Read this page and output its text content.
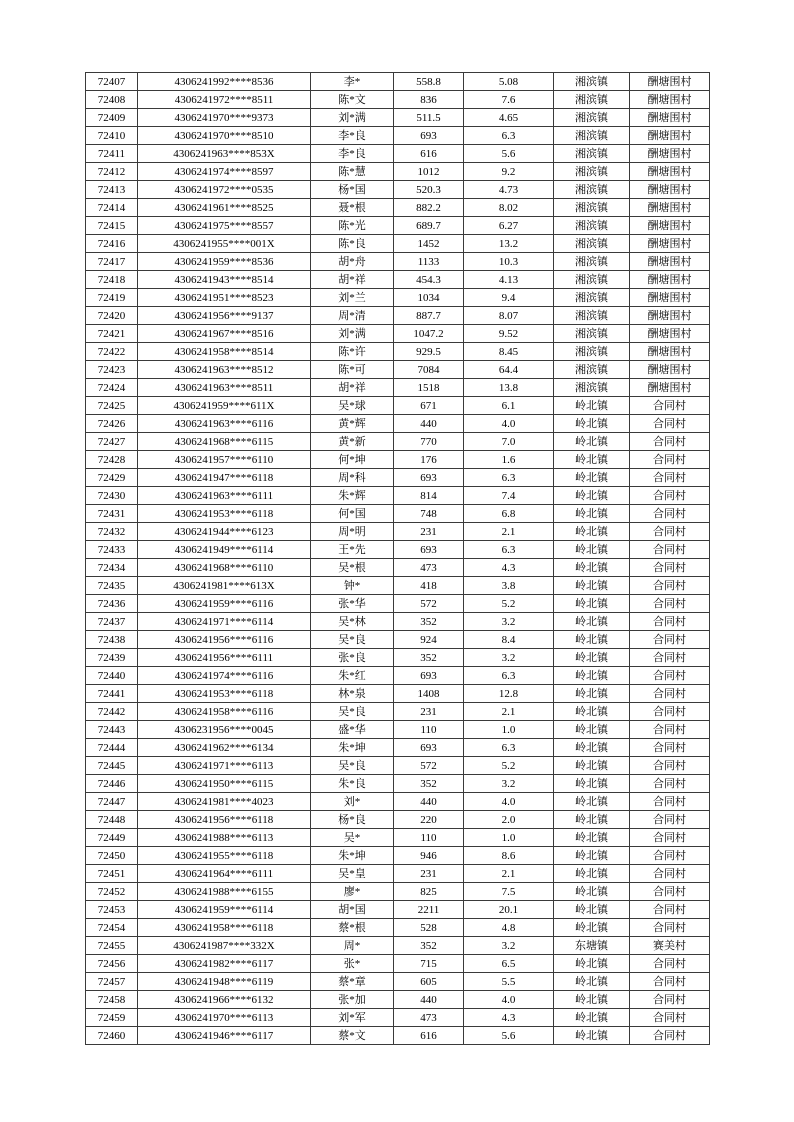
72407	4306241992****8536	李*	558.8	5.08	湘滨镇	酬塘围村
72408	4306241972****8511	陈*文	836	7.6	湘滨镇	酬塘围村
72409	4306241970****9373	刘*满	511.5	4.65	湘滨镇	酬塘围村
72410	4306241970****8510	李*良	693	6.3	湘滨镇	酬塘围村
72411	4306241963****853X	李*良	616	5.6	湘滨镇	酬塘围村
72412	4306241974****8597	陈*慧	1012	9.2	湘滨镇	酬塘围村
72413	4306241972****0535	杨*国	520.3	4.73	湘滨镇	酬塘围村
72414	4306241961****8525	聂*根	882.2	8.02	湘滨镇	酬塘围村
72415	4306241975****8557	陈*光	689.7	6.27	湘滨镇	酬塘围村
72416	4306241955****001X	陈*良	1452	13.2	湘滨镇	酬塘围村
72417	4306241959****8536	胡*舟	1133	10.3	湘滨镇	酬塘围村
72418	4306241943****8514	胡*祥	454.3	4.13	湘滨镇	酬塘围村
72419	4306241951****8523	刘*兰	1034	9.4	湘滨镇	酬塘围村
72420	4306241956****9137	周*清	887.7	8.07	湘滨镇	酬塘围村
72421	4306241967****8516	刘*满	1047.2	9.52	湘滨镇	酬塘围村
72422	4306241958****8514	陈*许	929.5	8.45	湘滨镇	酬塘围村
72423	4306241963****8512	陈*可	7084	64.4	湘滨镇	酬塘围村
72424	4306241963****8511	胡*祥	1518	13.8	湘滨镇	酬塘围村
72425	4306241959****611X	吴*球	671	6.1	岭北镇	合同村
72426	4306241963****6116	黄*辉	440	4.0	岭北镇	合同村
72427	4306241968****6115	黄*新	770	7.0	岭北镇	合同村
72428	4306241957****6110	何*坤	176	1.6	岭北镇	合同村
72429	4306241947****6118	周*科	693	6.3	岭北镇	合同村
72430	4306241963****6111	朱*辉	814	7.4	岭北镇	合同村
72431	4306241953****6118	何*国	748	6.8	岭北镇	合同村
72432	4306241944****6123	周*明	231	2.1	岭北镇	合同村
72433	4306241949****6114	王*先	693	6.3	岭北镇	合同村
72434	4306241968****6110	吴*根	473	4.3	岭北镇	合同村
72435	4306241981****613X	钟*	418	3.8	岭北镇	合同村
72436	4306241959****6116	张*华	572	5.2	岭北镇	合同村
72437	4306241971****6114	吴*林	352	3.2	岭北镇	合同村
72438	4306241956****6116	吴*良	924	8.4	岭北镇	合同村
72439	4306241956****6111	张*良	352	3.2	岭北镇	合同村
72440	4306241974****6116	朱*红	693	6.3	岭北镇	合同村
72441	4306241953****6118	林*泉	1408	12.8	岭北镇	合同村
72442	4306241958****6116	吴*良	231	2.1	岭北镇	合同村
72443	4306231956****0045	盛*华	110	1.0	岭北镇	合同村
72444	4306241962****6134	朱*坤	693	6.3	岭北镇	合同村
72445	4306241971****6113	吴*良	572	5.2	岭北镇	合同村
72446	4306241950****6115	朱*良	352	3.2	岭北镇	合同村
72447	4306241981****4023	刘*	440	4.0	岭北镇	合同村
72448	4306241956****6118	杨*良	220	2.0	岭北镇	合同村
72449	4306241988****6113	吴*	110	1.0	岭北镇	合同村
72450	4306241955****6118	朱*坤	946	8.6	岭北镇	合同村
72451	4306241964****6111	吴*皇	231	2.1	岭北镇	合同村
72452	4306241988****6155	廖*	825	7.5	岭北镇	合同村
72453	4306241959****6114	胡*国	2211	20.1	岭北镇	合同村
72454	4306241958****6118	蔡*根	528	4.8	岭北镇	合同村
72455	4306241987****332X	周*	352	3.2	东塘镇	赛美村
72456	4306241982****6117	张*	715	6.5	岭北镇	合同村
72457	4306241948****6119	蔡*章	605	5.5	岭北镇	合同村
72458	4306241966****6132	张*加	440	4.0	岭北镇	合同村
72459	4306241970****6113	刘*军	473	4.3	岭北镇	合同村
72460	4306241946****6117	蔡*文	616	5.6	岭北镇	合同村
